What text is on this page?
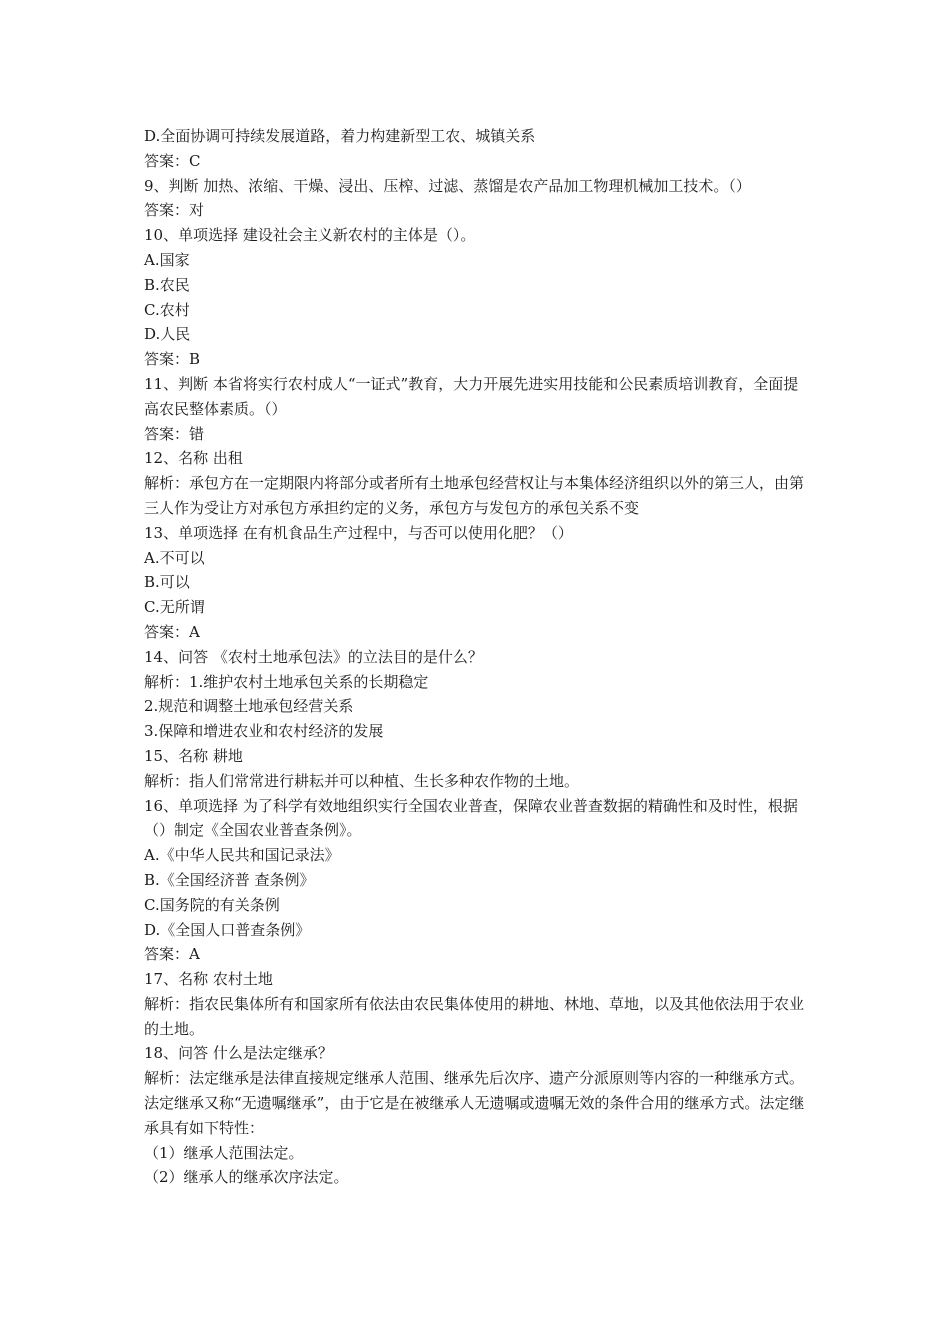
D.全面协调可持续发展道路，着力构建新型工农、城镇关系

答案：C

9、判断 加热、浓缩、干燥、浸出、压榨、过滤、蒸馏是农产品加工物理机械加工技术。（）

答案：对

10、单项选择 建设社会主义新农村的主体是（）。

A.国家

B.农民

C.农村

D.人民

答案：B

11、判断 本省将实行农村成人“一证式”教育，大力开展先进实用技能和公民素质培训教育，全面提高农民整体素质。（）

答案：错

12、名称 出租

解析：承包方在一定期限内将部分或者所有土地承包经营权让与本集体经济组织以外的第三人，由第三人作为受让方对承包方承担约定的义务，承包方与发包方的承包关系不变

13、单项选择 在有机食品生产过程中，与否可以使用化肥？（）

A.不可以

B.可以

C.无所谓

答案：A

14、问答 《农村土地承包法》的立法目的是什么？

解析：1.维护农村土地承包关系的长期稳定

2.规范和调整土地承包经营关系

3.保障和增进农业和农村经济的发展

15、名称 耕地

解析：指人们常常进行耕耘并可以种植、生长多种农作物的土地。

16、单项选择 为了科学有效地组织实行全国农业普查，保障农业普查数据的精确性和及时性，根据（）制定《全国农业普查条例》。

A.《中华人民共和国记录法》

B.《全国经济普 查条例》

C.国务院的有关条例

D.《全国人口普查条例》

答案：A

17、名称 农村土地

解析：指农民集体所有和国家所有依法由农民集体使用的耕地、林地、草地，以及其他依法用于农业的土地。

18、问答 什么是法定继承？

解析：法定继承是法律直接规定继承人范围、继承先后次序、遗产分派原则等内容的一种继承方式。法定继承又称“无遗嘱继承”，由于它是在被继承人无遗嘱或遗嘱无效的条件合用的继承方式。法定继承具有如下特性：

（1）继承人范围法定。

（2）继承人的继承次序法定。
